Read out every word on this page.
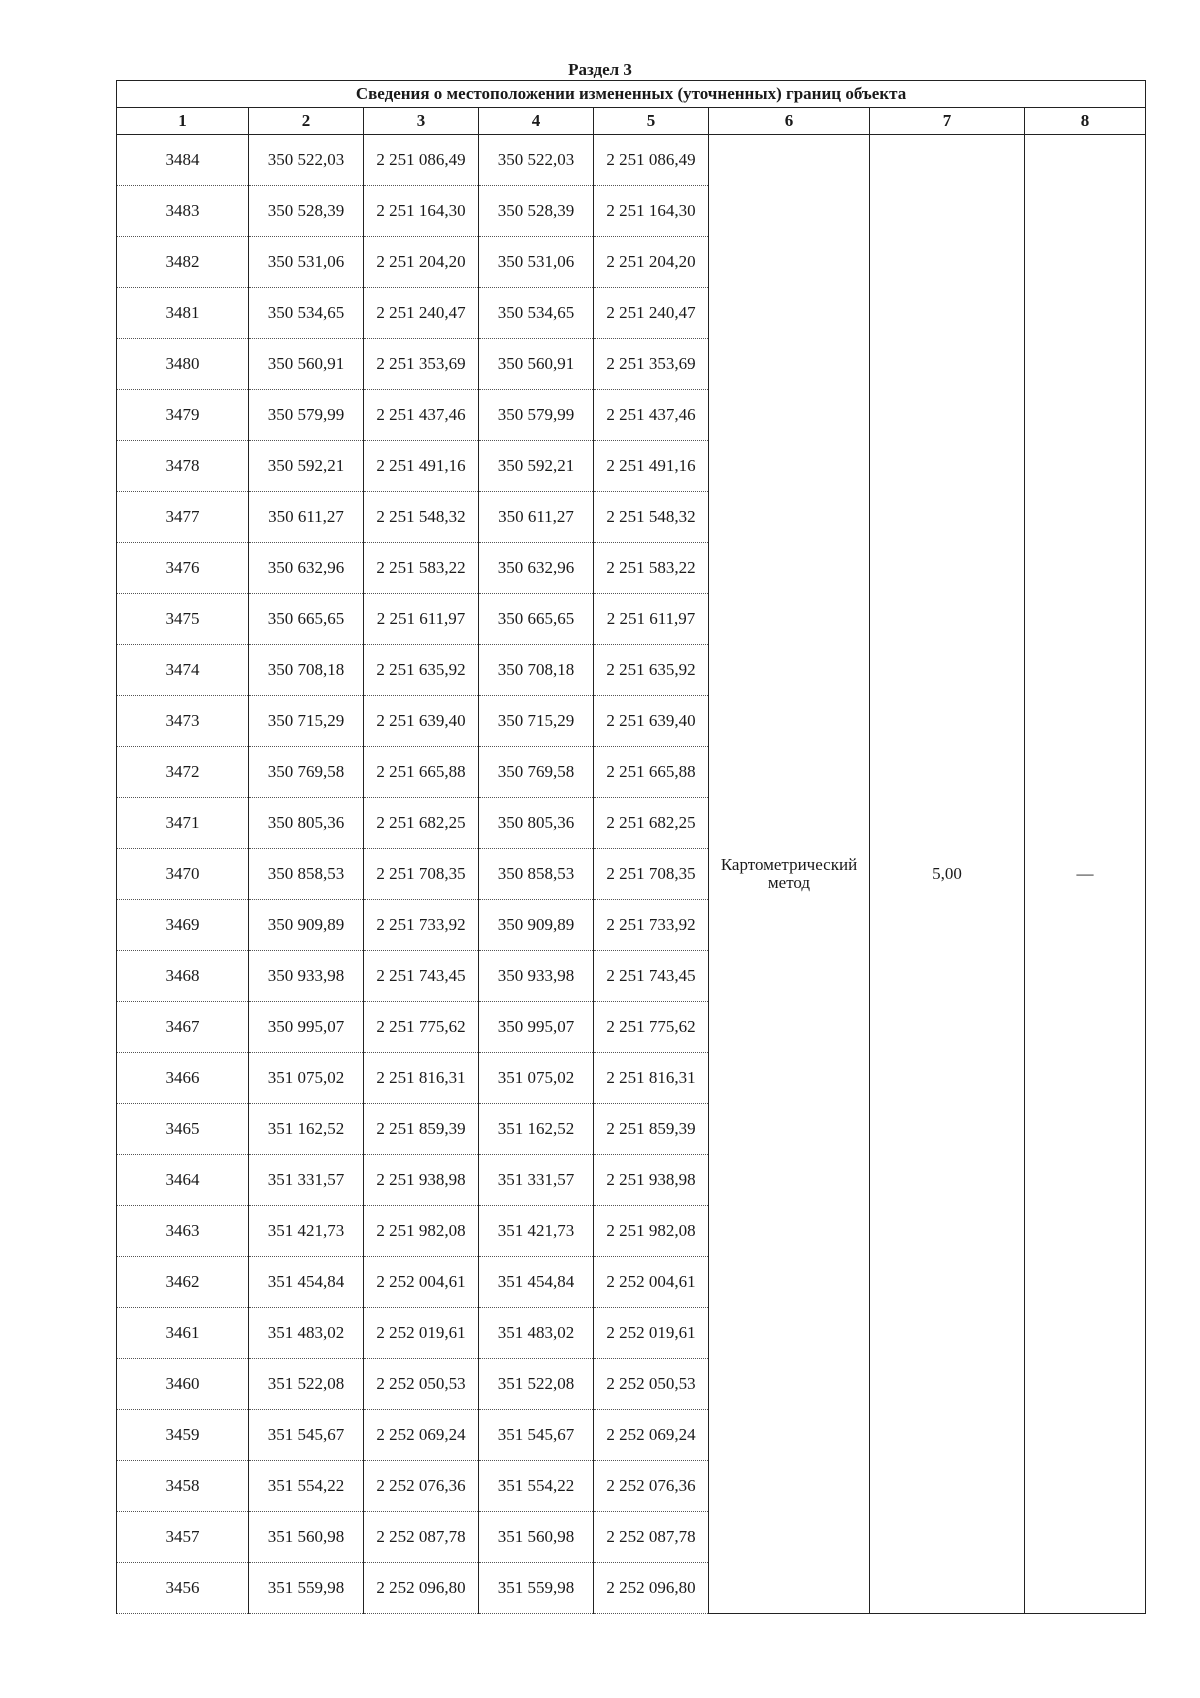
Раздел 3
Сведения о местоположении измененных (уточненных) границ объекта							
1	2	3	4	5	6	7	8
3484	350 522,03	2 251 086,49	350 522,03	2 251 086,49	Картометрический
метод	5,00	—
3483	350 528,39	2 251 164,30	350 528,39	2 251 164,30			
3482	350 531,06	2 251 204,20	350 531,06	2 251 204,20			
3481	350 534,65	2 251 240,47	350 534,65	2 251 240,47			
3480	350 560,91	2 251 353,69	350 560,91	2 251 353,69			
3479	350 579,99	2 251 437,46	350 579,99	2 251 437,46			
3478	350 592,21	2 251 491,16	350 592,21	2 251 491,16			
3477	350 611,27	2 251 548,32	350 611,27	2 251 548,32			
3476	350 632,96	2 251 583,22	350 632,96	2 251 583,22			
3475	350 665,65	2 251 611,97	350 665,65	2 251 611,97			
3474	350 708,18	2 251 635,92	350 708,18	2 251 635,92			
3473	350 715,29	2 251 639,40	350 715,29	2 251 639,40			
3472	350 769,58	2 251 665,88	350 769,58	2 251 665,88			
3471	350 805,36	2 251 682,25	350 805,36	2 251 682,25			
3470	350 858,53	2 251 708,35	350 858,53	2 251 708,35			
3469	350 909,89	2 251 733,92	350 909,89	2 251 733,92			
3468	350 933,98	2 251 743,45	350 933,98	2 251 743,45			
3467	350 995,07	2 251 775,62	350 995,07	2 251 775,62			
3466	351 075,02	2 251 816,31	351 075,02	2 251 816,31			
3465	351 162,52	2 251 859,39	351 162,52	2 251 859,39			
3464	351 331,57	2 251 938,98	351 331,57	2 251 938,98			
3463	351 421,73	2 251 982,08	351 421,73	2 251 982,08			
3462	351 454,84	2 252 004,61	351 454,84	2 252 004,61			
3461	351 483,02	2 252 019,61	351 483,02	2 252 019,61			
3460	351 522,08	2 252 050,53	351 522,08	2 252 050,53			
3459	351 545,67	2 252 069,24	351 545,67	2 252 069,24			
3458	351 554,22	2 252 076,36	351 554,22	2 252 076,36			
3457	351 560,98	2 252 087,78	351 560,98	2 252 087,78			
3456	351 559,98	2 252 096,80	351 559,98	2 252 096,80			
